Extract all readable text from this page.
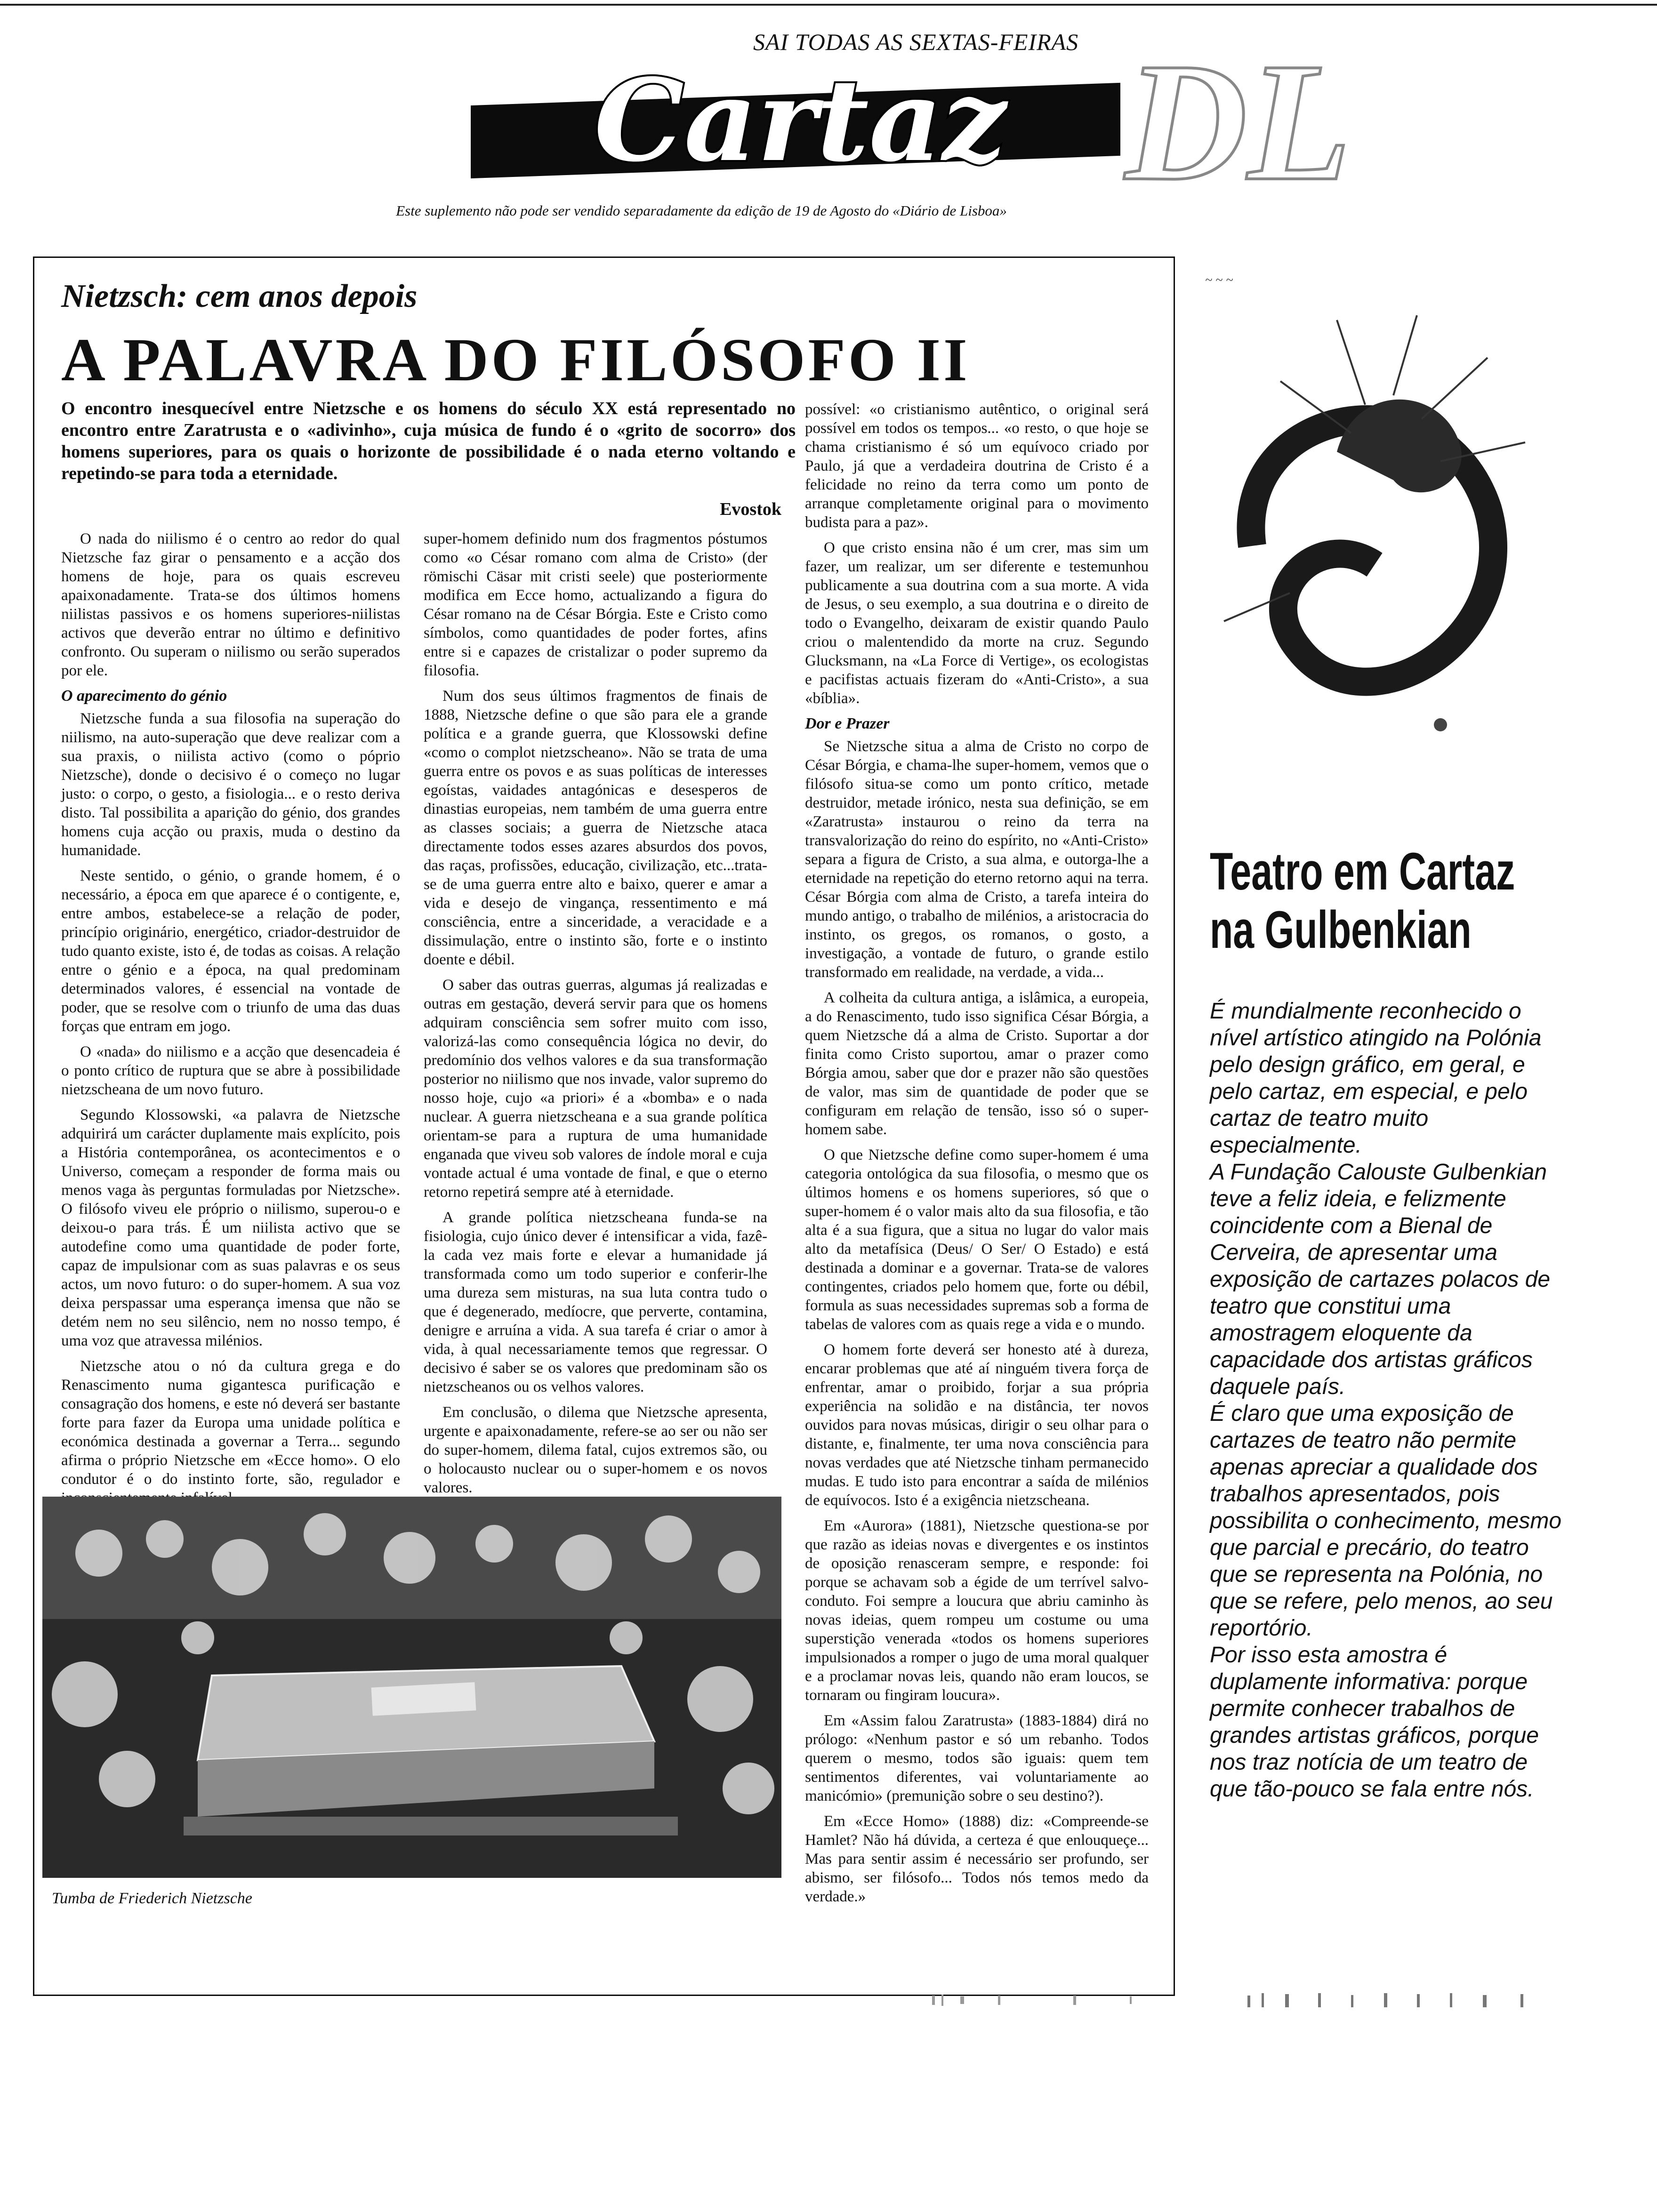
SAI TODAS AS SEXTAS-FEIRAS
Cartaz DL
Este suplemento não pode ser vendido separadamente da edição de 19 de Agosto do «Diário de Lisboa»
Nietzsch: cem anos depois
A PALAVRA DO FILÓSOFO II
O encontro inesquecível entre Nietzsche e os homens do século XX está representado no encontro entre Zaratrusta e o «adivinho», cuja música de fundo é o «grito de socorro» dos homens superiores, para os quais o horizonte de possibilidade é o nada eterno voltando e repetindo-se para toda a eternidade.
Evostok

O nada do niilismo é o centro ao redor do qual Nietzsche faz girar o pensamento e a acção dos homens de hoje, para os quais escreveu apaixonadamente. Trata-se dos últimos homens niilistas passivos e os homens superiores-niilistas activos que deverão entrar no último e definitivo confronto. Ou superam o niilismo ou serão superados por ele.

O aparecimento do génio

Nietzsche funda a sua filosofia na superação do niilismo, na auto-superação que deve realizar com a sua praxis, o niilista activo (como o póprio Nietzsche), donde o decisivo é o começo no lugar justo: o corpo, o gesto, a fisiologia... e o resto deriva disto. Tal possibilita a aparição do génio, dos grandes homens cuja acção ou praxis, muda o destino da humanidade.

Neste sentido, o génio, o grande homem, é o necessário, a época em que aparece é o contigente, e, entre ambos, estabelece-se a relação de poder, princípio originário, energético, criador-destruidor de tudo quanto existe, isto é, de todas as coisas. A relação entre o génio e a época, na qual predominam determinados valores, é essencial na vontade de poder, que se resolve com o triunfo de uma das duas forças que entram em jogo.

O «nada» do niilismo e a acção que desencadeia é o ponto crítico de ruptura que se abre à possibilidade nietzscheana de um novo futuro.

Segundo Klossowski, «a palavra de Nietzsche adquirirá um carácter duplamente mais explícito, pois a História contemporânea, os acontecimentos e o Universo, começam a responder de forma mais ou menos vaga às perguntas formuladas por Nietzsche». O filósofo viveu ele próprio o niilismo, superou-o e deixou-o para trás. É um niilista activo que se autodefine como uma quantidade de poder forte, capaz de impulsionar com as suas palavras e os seus actos, um novo futuro: o do super-homem. A sua voz deixa perspassar uma esperança imensa que não se detém nem no seu silêncio, nem no nosso tempo, é uma voz que atravessa milénios.

Nietzsche atou o nó da cultura grega e do Renascimento numa gigantesca purificação e consagração dos homens, e este nó deverá ser bastante forte para fazer da Europa uma unidade política e económica destinada a governar a Terra... segundo afirma o próprio Nietzsche em «Ecce homo». O elo condutor é o do instinto forte, são, regulador e

super-homem definido num dos fragmentos póstumos como «o César romano com alma de Cristo» (der römischi Cäsar mit cristi seele) que posteriormente modifica em Ecce homo, actualizando a figura do César romano na de César Bórgia. Este e Cristo como símbolos, como quantidades de poder fortes, afins entre si e capazes de cristalizar o poder supremo da filosofia.

Num dos seus últimos fragmentos de finais de 1888, Nietzsche define o que são para ele a grande política e a grande guerra, que Klossowski define «como o complot nietzscheano». Não se trata de uma guerra entre os povos e as suas políticas de interesses egoístas, vaidades antagónicas e desesperos de dinastias europeias, nem também de uma guerra entre as classes sociais; a guerra de Nietzsche ataca directamente todos esses azares absurdos dos povos, das raças, profissões, educação, civilização, etc...trata-se de uma guerra entre alto e baixo, querer e amar a vida e desejo de vingança, ressentimento e má consciência, entre a sinceridade, a veracidade e a dissimulação, entre o instinto são, forte e o instinto doente e débil.

O saber das outras guerras, algumas já realizadas e outras em gestação, deverá servir para que os homens adquiram consciência sem sofrer muito com isso, valorizá-las como consequência lógica no devir, do predomínio dos velhos valores e da sua transformação posterior no niilismo que nos invade, valor supremo do nosso hoje, cujo «a priori» é a «bomba» e o nada nuclear. A guerra nietzscheana e a sua grande política orientam-se para a ruptura de uma humanidade enganada que viveu sob valores de índole moral e cuja vontade actual é uma vontade de final, e que o eterno retorno repetirá sempre até à eternidade.

A grande política nietzscheana funda-se na fisiologia, cujo único dever é intensificar a vida, fazê-la cada vez mais forte e elevar a humanidade já transformada como um todo superior e conferir-lhe uma dureza sem misturas, na sua luta contra tudo o que é degenerado, medíocre, que perverte, contamina, denigre e arruína a vida. A sua tarefa é criar o amor à vida, à qual necessariamente temos que regressar. O decisivo é saber se os valores que predominam são os nietzscheanos ou os velhos valores.

Em conclusão, o dilema que Nietzsche apresenta, urgente e apaixonadamente, refere-se ao ser ou não ser do super-homem, dilema fatal, cujos extremos são, ou o holocausto nuclear ou o super-homem e os novos valores.

possível: «o cristianismo autêntico, o original será possível em todos os tempos... «o resto, o que hoje se chama cristianismo é só um equívoco criado por Paulo, já que a verdadeira doutrina de Cristo é a felicidade no reino da terra como um ponto de arranque completamente original para o movimento budista para a paz».

O que cristo ensina não é um crer, mas sim um fazer, um realizar, um ser diferente e testemunhou publicamente a sua doutrina com a sua morte. A vida de Jesus, o seu exemplo, a sua doutrina e o direito de todo o Evangelho, deixaram de existir quando Paulo criou o malentendido da morte na cruz. Segundo Glucksmann, na «La Force di Vertige», os ecologistas e pacifistas actuais fizeram do «Anti-Cristo», a sua «bíblia».

Dor e Prazer

Se Nietzsche situa a alma de Cristo no corpo de César Bórgia, e chama-lhe super-homem, vemos que o filósofo situa-se como um ponto crítico, metade destruidor, metade irónico, nesta sua definição, se em «Zaratrusta» instaurou o reino da terra na transvalorização do reino do espírito, no «Anti-Cristo» separa a figura de Cristo, a sua alma, e outorga-lhe a eternidade na repetição do eterno retorno aqui na terra. César Bórgia com alma de Cristo, a tarefa inteira do mundo antigo, o trabalho de milénios, a aristocracia do instinto, os gregos, os romanos, o gosto, a investigação, a vontade de futuro, o grande estilo transformado em realidade, na verdade, a vida...

A colheita da cultura antiga, a islâmica, a europeia, a do Renascimento, tudo isso significa César Bórgia, a quem Nietzsche dá a alma de Cristo. Suportar a dor finita como Cristo suportou, amar o prazer como Bórgia amou, saber que dor e prazer não são questões de valor, mas sim de quantidade de poder que se configuram em relação de tensão, isso só o super-homem sabe.

O que Nietzsche define como super-homem é uma categoria ontológica da sua filosofia, o mesmo que os últimos homens e os homens superiores, só que o super-homem é o valor mais alto da sua filosofia, e tão alta é a sua figura, que a situa no lugar do valor mais alto da metafísica (Deus/ O Ser/ O Estado) e está destinada a dominar e a governar. Trata-se de valores contingentes, criados pelo homem que, forte ou débil, formula as suas necessidades supremas sob a forma de tabelas de valores com as quais rege a vida e o mundo.

O homem forte deverá ser honesto até à dureza, encarar problemas que até aí ninguém tivera força de enfrentar, amar o proibido, forjar a sua própria experiência na solidão e na distância, ter novos ouvidos para novas músicas, dirigir o seu olhar para o distante, e, finalmente, ter uma nova consciência para novas verdades que até Nietzsche tinham permanecido mudas. E tudo isto para encontrar a saída de milénios de equívocos. Isto é a exigência nietzscheana.

Em «Aurora» (1881), Nietzsche questiona-se por que razão as ideias novas e divergentes e os instintos de oposição renasceram sempre, e responde: foi porque se achavam sob a égide de um terrível salvo-conduto. Foi sempre a loucura que abriu caminho às novas ideias, quem rompeu um costume ou uma superstição venerada «todos os homens superiores impulsionados a romper o jugo de uma moral qualquer e a proclamar novas leis, quando não eram loucos, se tornaram ou fingiram loucura».

Em «Assim falou Zaratrusta» (1883-1884) dirá no prólogo: «Nenhum pastor e só um rebanho. Todos querem o mesmo, todos são iguais: quem tem sentimentos diferentes, vai voluntariamente ao manicómio» (premunição sobre o seu destino?).

Em «Ecce Homo» (1888) diz: «Compreende-se Hamlet? Não há dúvida, a certeza é que enlouqueçe... Mas para sentir assim é necessário ser profundo, ser abismo, ser filósofo... Todos nós temos medo da verdade.»

Tumba de Friederich Nietzsche
~ ~ ~
Teatro em Cartaz
na Gulbenkian

É mundialmente reconhecido o nível artístico atingido na Polónia pelo design gráfico, em geral, e pelo cartaz, em especial, e pelo cartaz de teatro muito especialmente.

A Fundação Calouste Gulbenkian teve a feliz ideia, e felizmente coincidente com a Bienal de Cerveira, de apresentar uma exposição de cartazes polacos de teatro que constitui uma amostragem eloquente da capacidade dos artistas gráficos daquele país.

É claro que uma exposição de cartazes de teatro não permite apenas apreciar a qualidade dos trabalhos apresentados, pois possibilita o conhecimento, mesmo que parcial e precário, do teatro que se representa na Polónia, no que se refere, pelo menos, ao seu reportório.

Por isso esta amostra é duplamente informativa: porque permite conhecer trabalhos de grandes artistas gráficos, porque nos traz notícia de um teatro de que tão-pouco se fala entre nós.
